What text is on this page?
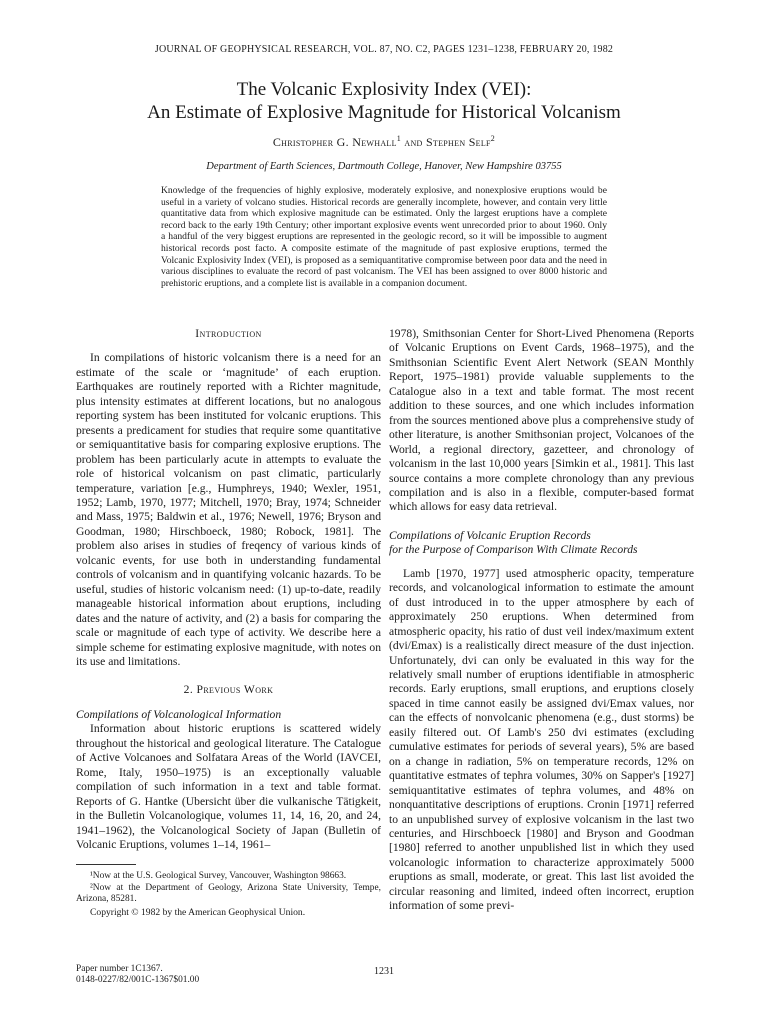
JOURNAL OF GEOPHYSICAL RESEARCH, VOL. 87, NO. C2, PAGES 1231–1238, FEBRUARY 20, 1982
The Volcanic Explosivity Index (VEI):
An Estimate of Explosive Magnitude for Historical Volcanism
Christopher G. Newhall$^1$ and Stephen Self$^2$
Department of Earth Sciences, Dartmouth College, Hanover, New Hampshire 03755

Knowledge of the frequencies of highly explosive, moderately explosive, and nonexplosive eruptions would be useful in a variety of volcano studies. Historical records are generally incomplete, however, and contain very little quantitative data from which explosive magnitude can be estimated. Only the largest eruptions have a complete record back to the early 19th Century; other important explosive events went unrecorded prior to about 1960. Only a handful of the very biggest eruptions are represented in the geologic record, so it will be impossible to augment historical records post facto. A composite estimate of the magnitude of past explosive eruptions, termed the Volcanic Explosivity Index (VEI), is proposed as a semiquantitative compromise between poor data and the need in various disciplines to evaluate the record of past volcanism. The VEI has been assigned to over 8000 historic and prehistoric eruptions, and a complete list is available in a companion document.

Introduction

In compilations of historic volcanism there is a need for an estimate of the scale or ‘magnitude’ of each eruption. Earthquakes are routinely reported with a Richter magnitude, plus intensity estimates at different locations, but no analogous reporting system has been instituted for volcanic eruptions. This presents a predicament for studies that require some quantitative or semiquantitative basis for comparing explosive eruptions. The problem has been particularly acute in attempts to evaluate the role of historical volcanism on past climatic, particularly temperature, variation [e.g., Humphreys, 1940; Wexler, 1951, 1952; Lamb, 1970, 1977; Mitchell, 1970; Bray, 1974; Schneider and Mass, 1975; Baldwin et al., 1976; Newell, 1976; Bryson and Goodman, 1980; Hirschboeck, 1980; Robock, 1981]. The problem also arises in studies of freqency of various kinds of volcanic events, for use both in understanding fundamental controls of volcanism and in quantifying volcanic hazards. To be useful, studies of historic volcanism need: (1) up-to-date, readily manageable historical information about eruptions, including dates and the nature of activity, and (2) a basis for comparing the scale or magnitude of each type of activity. We describe here a simple scheme for estimating explosive magnitude, with notes on its use and limitations.

2. Previous Work

Compilations of Volcanological Information

Information about historic eruptions is scattered widely throughout the historical and geological literature. The Catalogue of Active Volcanoes and Solfatara Areas of the World (IAVCEI, Rome, Italy, 1950–1975) is an exceptionally valuable compilation of such information in a text and table format. Reports of G. Hantke (Ubersicht über die vulkanische Tätigkeit, in the Bulletin Volcanologique, volumes 11, 14, 16, 20, and 24, 1941–1962), the Volcanological Society of Japan (Bulletin of Volcanic Eruptions, volumes 1–14, 1961–

¹Now at the U.S. Geological Survey, Vancouver, Washington 98663.

²Now at the Department of Geology, Arizona State University, Tempe, Arizona, 85281.

Copyright © 1982 by the American Geophysical Union.

1978), Smithsonian Center for Short-Lived Phenomena (Reports of Volcanic Eruptions on Event Cards, 1968–1975), and the Smithsonian Scientific Event Alert Network (SEAN Monthly Report, 1975–1981) provide valuable supplements to the Catalogue also in a text and table format. The most recent addition to these sources, and one which includes information from the sources mentioned above plus a comprehensive study of other literature, is another Smithsonian project, Volcanoes of the World, a regional directory, gazetteer, and chronology of volcanism in the last 10,000 years [Simkin et al., 1981]. This last source contains a more complete chronology than any previous compilation and is also in a flexible, computer-based format which allows for easy data retrieval.

Compilations of Volcanic Eruption Records

for the Purpose of Comparison With Climate Records

Lamb [1970, 1977] used atmospheric opacity, temperature records, and volcanological information to estimate the amount of dust introduced in to the upper atmosphere by each of approximately 250 eruptions. When determined from atmospheric opacity, his ratio of dust veil index/maximum extent (dvi/Emax) is a realistically direct measure of the dust injection. Unfortunately, dvi can only be evaluated in this way for the relatively small number of eruptions identifiable in atmospheric records. Early eruptions, small eruptions, and eruptions closely spaced in time cannot easily be assigned dvi/Emax values, nor can the effects of nonvolcanic phenomena (e.g., dust storms) be easily filtered out. Of Lamb's 250 dvi estimates (excluding cumulative estimates for periods of several years), 5% are based on a change in radiation, 5% on temperature records, 12% on quantitative estmates of tephra volumes, 30% on Sapper's [1927] semiquantitative estimates of tephra volumes, and 48% on nonquantitative descriptions of eruptions. Cronin [1971] referred to an unpublished survey of explosive volcanism in the last two centuries, and Hirschboeck [1980] and Bryson and Goodman [1980] referred to another unpublished list in which they used volcanologic information to characterize approximately 5000 eruptions as small, moderate, or great. This last list avoided the circular reasoning and limited, indeed often incorrect, eruption information of some previ-

Paper number 1C1367.
0148-0227/82/001C-1367$01.00
1231
